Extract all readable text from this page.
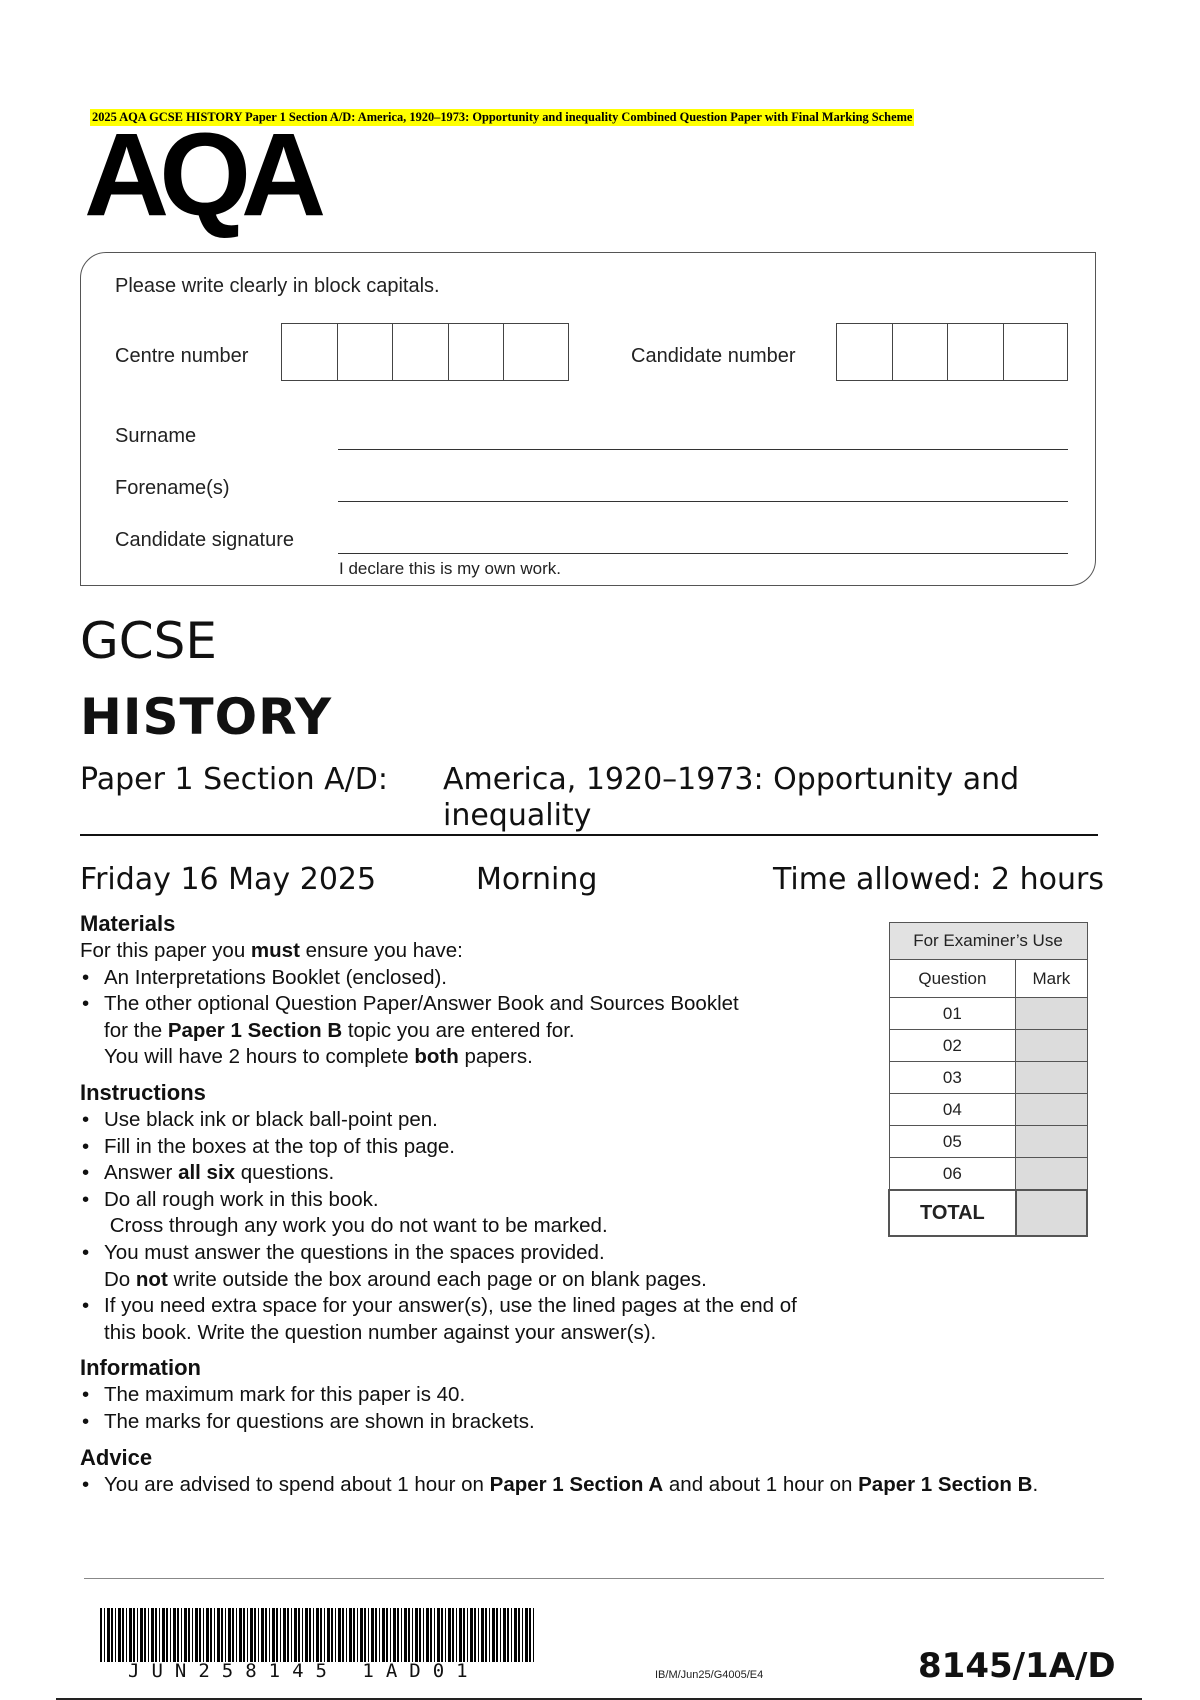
2025 AQA GCSE HISTORY Paper 1 Section A/D: America, 1920–1973: Opportunity and inequality Combined Question Paper with Final Marking Scheme
AQA
Please write clearly in block capitals.
Centre number	Candidate number
Surname
Forename(s)
Candidate signature
I declare this is my own work.
GCSE
HISTORY
Paper 1 Section A/D: America, 1920–1973: Opportunity and inequality
Friday 16 May 2025	Morning	Time allowed: 2 hours
Materials

For this paper you must ensure you have:

• An Interpretations Booklet (enclosed).
• The other optional Question Paper/Answer Book and Sources Booklet
for the Paper 1 Section B topic you are entered for.
You will have 2 hours to complete both papers.
Instructions
• Use black ink or black ball-point pen.
• Fill in the boxes at the top of this page.
• Answer all six questions.
• Do all rough work in this book.
Cross through any work you do not want to be marked.
• You must answer the questions in the spaces provided.
Do not write outside the box around each page or on blank pages.
• If you need extra space for your answer(s), use the lined pages at the end of
this book. Write the question number against your answer(s).
Information
• The maximum mark for this paper is 40.
• The marks for questions are shown in brackets.
Advice
• You are advised to spend about 1 hour on Paper 1 Section A and about 1 hour on Paper 1 Section B.
For Examiner’s Use	
Question	Mark
01	
02	
03	
04	
05	
06	
TOTAL	
JUN258145 1AD01	IB/M/Jun25/G4005/E4	8145/1A/D
